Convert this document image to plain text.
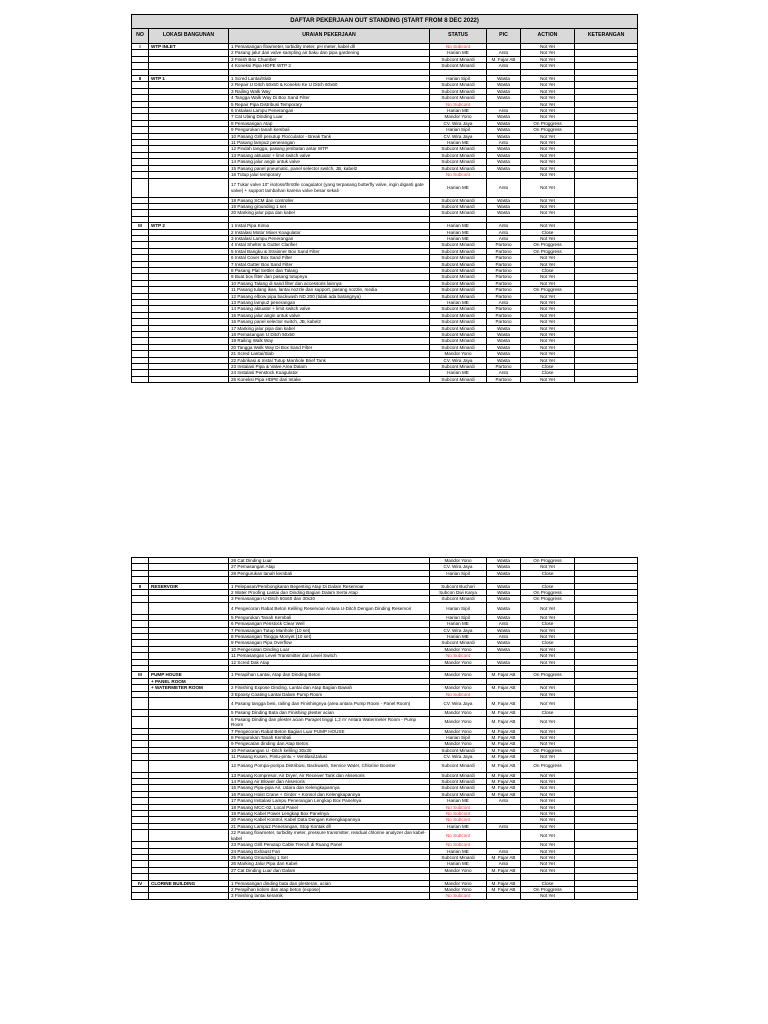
DAFTAR PEKERJAAN OUT STANDING (START FROM 8 DEC 2022)						
NO	LOKASI BANGUNAN	URAIAN PEKERJAAN	STATUS	PIC	ACTION	KETERANGAN
I	WTP INLET	1 Pemasangan flowmeter, turbidity meter, pH meter, kabel dll	No Subcont		Not Yet	
		2 Pasang jalur dan valve sampling air baku dan pipa gardening	Harian ME	Anto	Not Yet	
		3 Finish Box Chumber	Subcont Minardi	M. Fajar AB	Not Yet	
		4 Koneksi Pipa HDPE WTP 2	Subcont Minardi	Anto	Not Yet	

II	WTP 1	1 Scred Lantai/Slab	Harian Sipil	Wasta	Not Yet	
		2 Repair U Ditch 50x50 & Koneksi Ke U Ditch 60x60	Subcont Minardi	Wasta	Not Yet	
		3 Railing Walk Way	Subcont Minardi	Wasta	Not Yet	
		4 Tangga Walk Way Di Box Sand Filter	Subcont Minardi	Wasta	Not Yet	
		5 Repair Pipa Distribusi Temporary	No Subcont		Not Yet	
		6 Instalasi Lampu Penerangan	Harian ME	Anto	Not Yet	
		7 Cat Ulang Dinding Luar	Mandor Yono	Wasta	Not Yet	
		8 Pemasangan Atap	CV. Wira Jaya	Wasta	On Proggress	
		9 Pengurukan tanah kembali	Harian Sipil	Wasta	On Proggress	
		10 Pasang Grill penutup Flocculator - Break Tank	CV. Wira Jaya	Wasta	Not Yet	
		11 Pasang lampu2 penerangan	Harian ME	Anto	Not Yet	
		12 Pindah tangga, pasang jembatan antar WTP	Subcont Minardi	Wasta	Not Yet	
		13 Pasang aktuator + limit switch valve	Subcont Minardi	Wasta	Not Yet	
		14 Pasang jalur angin untuk valve	Subcont Minardi	Wasta	Not Yet	
		15 Pasang panel pneumatic, panel selector switch, JB, kabel2	Subcont Minardi	Wasta	Not Yet	
		16 Tutup jalur temporary	No Subcont		Not Yet	
		17 Tukar valve 10" isoloss/throttle coagulator (yang terpasang butterfly valve, ingin diganti gate valve) + support tambahan karena valve besar sekali	Harian ME	Anto	Not Yet	
		18 Pasang SCM dan controller	Subcont Minardi	Wasta	Not Yet	
		19 Pasang grounding 1 set	Subcont Minardi	Wasta	Not Yet	
		20 Marking jalur pipa dan kabel	Subcont Minardi	Wasta	Not Yet	

III	WTP 2	1 Instal Pipa Kimia	Harian ME	Anto	Not Yet	
		2 Instalasi Motor Mixer Koagulator	Harian ME	Anto	Close	
		3 Instalasi Lampu Penerangan	Harian ME	Anto	Not Yet	
		4 Instal Shelter & Gutter Clarifier	Subcont Minardi	Partono	On Proggress	
		5 Instal Bangku & Strainner Box Sand Filter	Subcont Minardi	Partono	On Proggress	
		6 Instal Cover Box Sand Filter	Subcont Minardi	Partono	Not Yet	
		7 Instal Gutter Box Sand Filter	Subcont Minardi	Partono	Not Yet	
		8 Pasang Plat Settler dan Talang	Subcont Minardi	Partono	Close	
		9 Buat box filter dan pasang tutupnya	Subcont Minardi	Partono	Not Yet	
		10 Pasang Talang di sand filter dan accessoris lainnya	Subcont Minardi	Partono	Not Yet	
		11 Pasang tulang ikan, lantai nozzle dan support, pasang nozzle, media	Subcont Minardi	Partono	On Proggress	
		12 Pasang elbow pipa backwash ND 200 (tidak ada barangnya)	Subcont Minardi	Partono	Not Yet	
		13 Pasang lampu2 penerangan	Harian ME	Anto	Not Yet	
		14 Pasang aktuator + limit switch valve	Subcont Minardi	Partono	Not Yet	
		15 Pasang jalur angin untuk valve	Subcont Minardi	Partono	Not Yet	
		16 Pasang panel selector switch, JB, kabel2	Subcont Minardi	Partono	Not Yet	
		17 Marking jalur pipa dan kabel	Subcont Minardi	Wasta	Not Yet	
		18 Pemasangan U Ditch 50x50	Subcont Minardi	Wasta	Not Yet	
		19 Railing Walk Way	Subcont Minardi	Wasta	Not Yet	
		20 Tangga Walk Way Di Box Sand Filter	Subcont Minardi	Wasta	Not Yet	
		21 Scred Lantai/Slab	Mandor Yono	Wasta	Not Yet	
		22 Fabrikasi & Instal Tutup Manhole Brief Tank	CV. Wira Jaya	Wasta	Not Yet	
		23 Instalasi Pipa & Valve Area Dalam	Subcont Minardi	Partono	Close	
		24 Instalasi Penstock Koagulator	Harian ME	Anto	Close	
		25 Koneksi Pipa HDPE dari Intake	Subcont Minardi	Partono	Not Yet	
		26 Cat Dinding Luar	Mandor Yono	Wasta	On Proggress	
		27 Pemasangan Atap	CV. Wira Jaya	Wasta	Not Yet	
		28 Pengurukan tanah kembali	Harian Sipil	Wasta	Close	

II	RESERVOIR	1 Pelepasan/Pembongkaran Begesting Atap Di Dalam Reservoar	Subcont Buchori	Wasta	Close	
		2 Water Proofing Lantai dan Dinding Bagian Dalam Serta Atap	Subcon Dwi Karya	Wasta	On Proggress	
		3 Pemasangan U-Ditch 60x60 dan 30x30	Subcont Minardi	Wasta	On Proggress	
		4 Pengecoran Rabat Beton Keliling Reservoar Antara U-Ditch Dengan Dinding Reservoir	Harian Sipil	Wasta	Not Yet	
		5 Pengurukan Tanah Kembali	Harian Sipil	Wasta	Not Yet	
		6 Pemasangan Penstock Clear Well	Harian ME	Anto	Close	
		7 Pemasangan Tutup Manhole (10 set)	CV. Wira Jaya	Wasta	Not Yet	
		8 Pemasangan Tangga Monyet (10 set)	Harian ME	Anto	Not Yet	
		9 Pemasangan Pipa Overflow	Subcont Minardi	Wasta	Close	
		10 Pengecatan Dinding Luar	Mandor Yono	Wasta	Not Yet	
		11 Pemasangan Level Transmitter dan Level Switch	No Subcont		Not Yet	
		12 Scred Dak Atap	Mandor Yono	Wasta	Not Yet	

III	PUMP HOUSE	1 Perapihan Lantai, Atap dan Dinding Beton	Mandor Yono	M. Fajar AB	On Proggress	
	+ PANEL ROOM					
	+ WATERMETER ROOM	2 Finishing Expose Dinding, Lantai dan Atap Bagian Bawah	Mandor Yono	M. Fajar AB	Not Yet	
		3 Epoxsy Coating Lantai Dalam Pump Room	No Subcont		Not Yet	
		4 Pasang tangga besi, railing dan Finishingnya (area antara Pump Room - Panel Room)	CV. Wira Jaya	M. Fajar AB	Not Yet	
		5 Pasang Dinding Bata dan Finishing plester acian	Mandor Yono	M. Fajar AB	Close	
		6 Pasang Dinding dan plester acian Parapet tinggi 1,2 m' Antara Watermeter Room - Pump Room	Mandor Yono	M. Fajar AB	Not Yet	
		7 Pengecoran Rabat Beton Bagian Luar PUMP HOUSE	Mandor Yono	M. Fajar AB	Not Yet	
		8 Pengurukan Tanah Kembali	Harian Sipil	M. Fajar AB	Not Yet	
		9 Pengecatan dinding dan Atap Beton.	Mandor Yono	M. Fajar AB	Not Yet	
		10 Pemasangan U -Ditch keliling 30x30	Subcont Minardi	M. Fajar AB	On Proggress	
		11 Pasang Kusen, Pintu-pintu + Ventilasi/Jalusi	CV. Wira Jaya	M. Fajar AB	Not Yet	
		12 Pasang Pompa-pompa Distribusi, Backwash, Service Water, Chlorine Booster	Subcont Minardi	M. Fajar AB	On Proggress	
		13 Pasang Kompresor, Air Dryer, Air Receiver Tank dan Aksesoris	Subcont Minardi	M. Fajar AB	Not Yet	
		14 Pasang Air Blower dan Aksesoris	Subcont Minardi	M. Fajar AB	Not Yet	
		15 Pasang Pipa-pipa Air, Udara dan Kelengkapannya	Subcont Minardi	M. Fajar AB	Not Yet	
		16 Pasang Hoist Crane + Girder + Konsol dan Kelengkapannya	Subcont Minardi	M. Fajar AB	Not Yet	
		17 Pasang Instalasi Lampu Penerangan Lengkap Box Panelnya	Harian ME	Anto	Not Yet	
		18 Pasang MCC-02, Local Panel	No Subcont		Not Yet	
		19 Pasang Kabel Power Lengkap Box Panelnya	No Subcont		Not Yet	
		20 Pasang Kabel Kontrol, Kabel Data Dengan Kelengkapannya	No Subcont		Not Yet	
		21 Pasang Lampu2 Penerangan, Stop Kontak dll	Harian ME	Anto	Not Yet	
		22 Pasang flowmeter, turbidity meter, pressure transmitter, residual chlorine analyzer dan kabel-kabel	No Subcont		Not Yet	
		23 Pasang Grill Penutup Cable Trench di Ruang Panel	No Subcont		Not Yet	
		24 Pasang Exhaust Fan	Harian ME	Anto	Not Yet	
		25 Pasang Grounding 1 Set	Subcont Minardi	M. Fajar AB	Not Yet	
		26 Marking Jalur Pipa dan Kabel	Harian ME	Anto	Not Yet	
		27 Cat Dinding Luar dan Dalam	Mandor Yono	M. Fajar AB	Not Yet	

IV	CLORINE BUILDING	1 Pemasangan dinding bata dan plesteran, acian	Mandor Yono	M. Fajar AB	Close	
		2 Perapihan kolom dan atap beton (expose)	Mandor Yono	M. Fajar AB	On Proggress	
		3 Finishing lantai keramik	No Subcont		Not Yet	
